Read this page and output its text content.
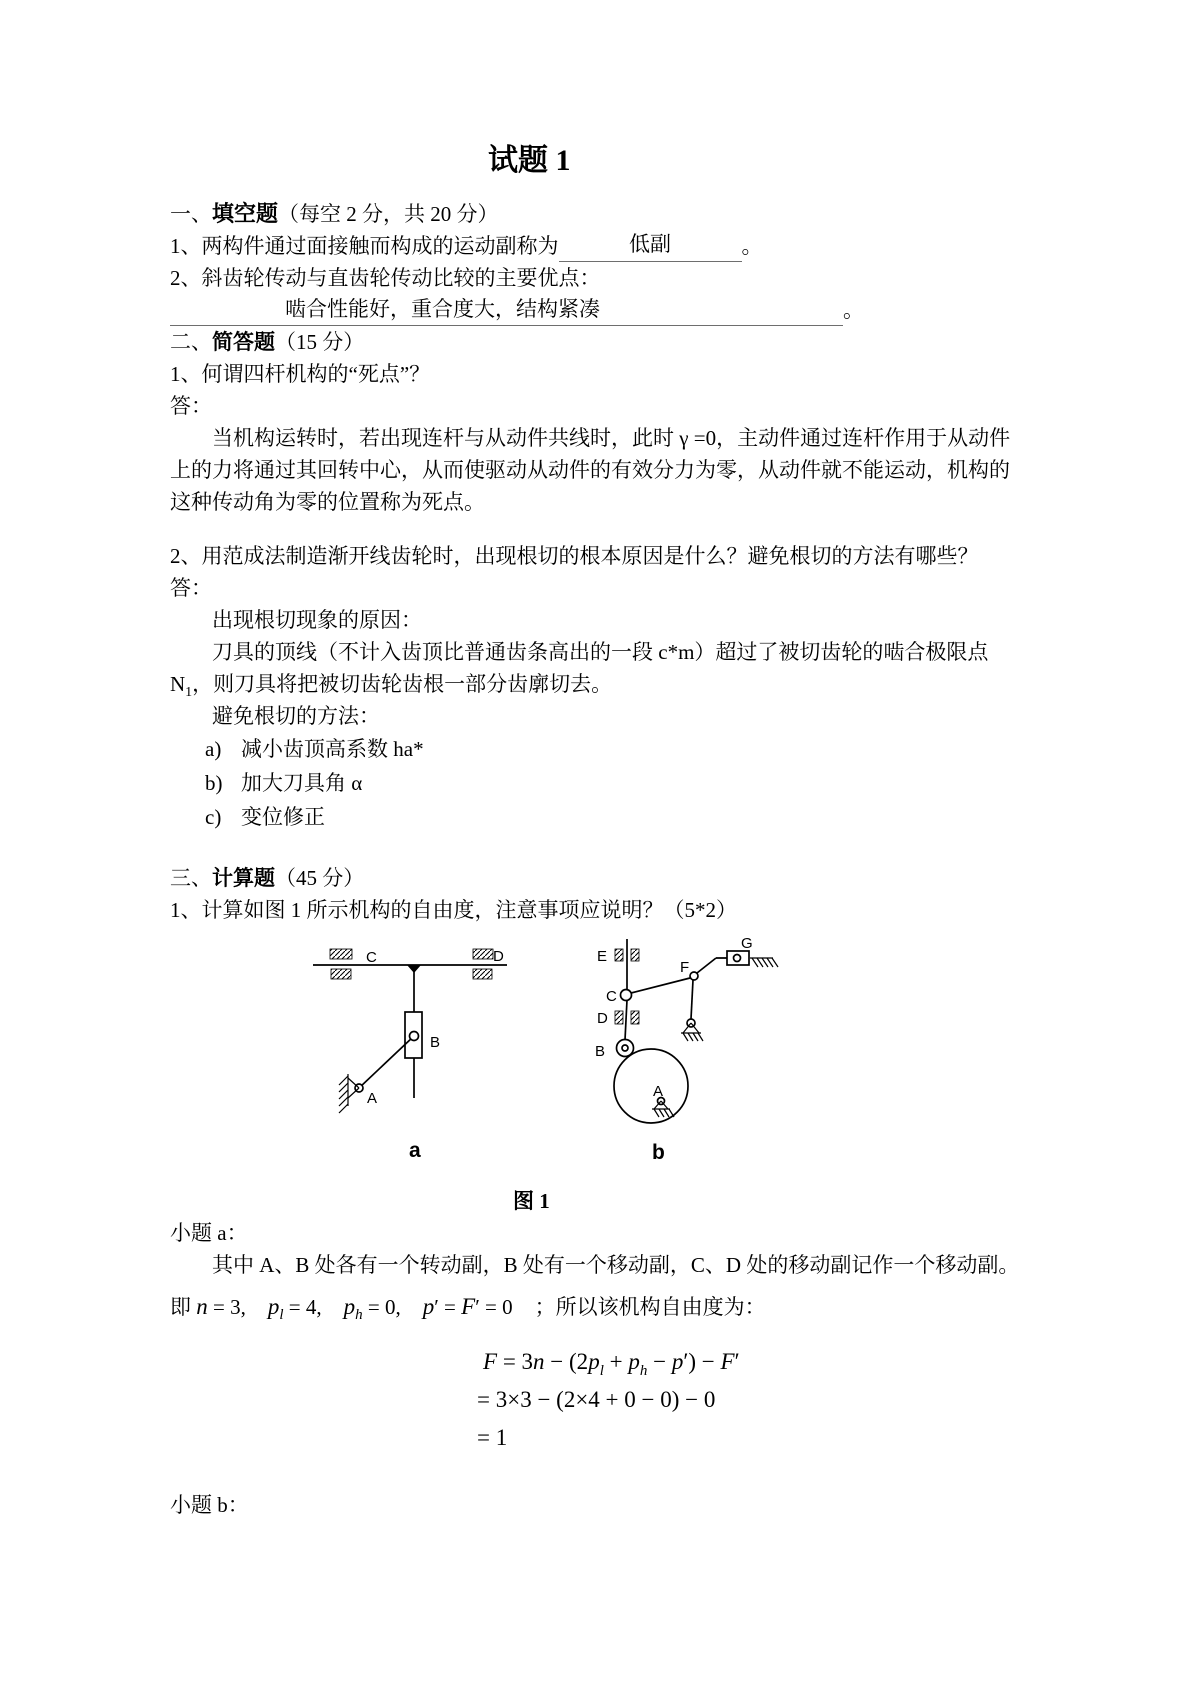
试题 1
一、填空题（每空 2 分，共 20 分）
1、两构件通过面接触而构成的运动副称为	低副	。
2、斜齿轮传动与直齿轮传动比较的主要优点：
啮合性能好，重合度大，结构紧凑	。
二、简答题（15 分）
1、何谓四杆机构的“死点”？
答：
当机构运转时，若出现连杆与从动件共线时，此时 γ =0，主动件通过连杆作用于从动件
上的力将通过其回转中心，从而使驱动从动件的有效分力为零，从动件就不能运动，机构的
这种传动角为零的位置称为死点。
2、用范成法制造渐开线齿轮时，出现根切的根本原因是什么？避免根切的方法有哪些？
答：
出现根切现象的原因：
刀具的顶线（不计入齿顶比普通齿条高出的一段 c*m）超过了被切齿轮的啮合极限点
$N_1$，则刀具将把被切齿轮齿根一部分齿廓切去。
避免根切的方法：
a) 减小齿顶高系数 ha*
b) 加大刀具角 α
c) 变位修正
三、计算题（45 分）
1、计算如图 1 所示机构的自由度，注意事项应说明？（5*2）
C	D
B
A
a
E
C
D
B
A
F
G
b
图 1
小题 a：
其中 A、B 处各有一个转动副，B 处有一个移动副，C、D 处的移动副记作一个移动副。
即 n = 3, $p_l = 4$, $p_h = 0$, p′ = F′ = 0 ；所以该机构自由度为：
$F = 3n - (2p_l + p_h - p') - F'$
= 3×3 − (2×4 + 0 − 0) − 0
= 1
小题 b：
